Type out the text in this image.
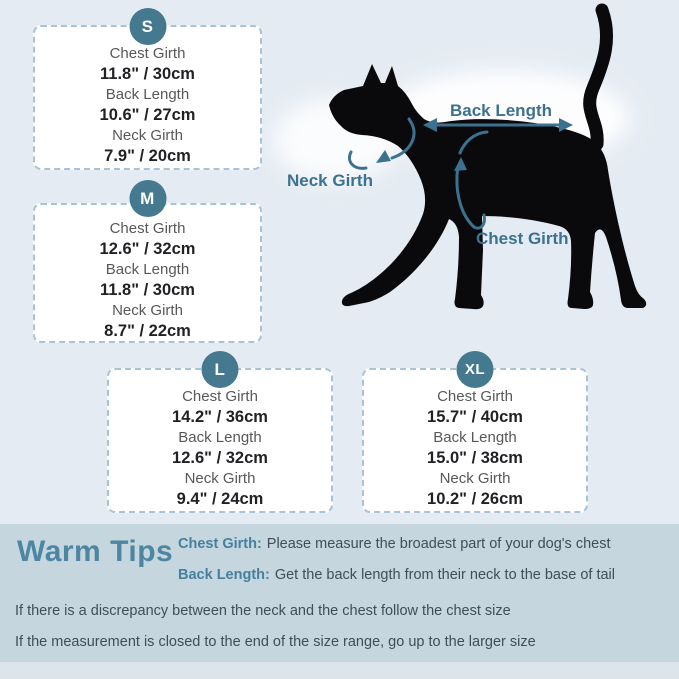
Back Length
Neck Girth
Chest Girth
S
Chest Girth
11.8" / 30cm
Back Length
10.6" / 27cm
Neck Girth
7.9" / 20cm
M
Chest Girth
12.6" / 32cm
Back Length
11.8" / 30cm
Neck Girth
8.7" / 22cm
L
Chest Girth
14.2" / 36cm
Back Length
12.6" / 32cm
Neck Girth
9.4" / 24cm
XL
Chest Girth
15.7" / 40cm
Back Length
15.0" / 38cm
Neck Girth
10.2" / 26cm
Warm Tips Chest Girth: Please measure the broadest part of your dog's chest
Back Length: Get the back length from their neck to the base of tail
If there is a discrepancy between the neck and the chest follow the chest size
If the measurement is closed to the end of the size range, go up to the larger size
